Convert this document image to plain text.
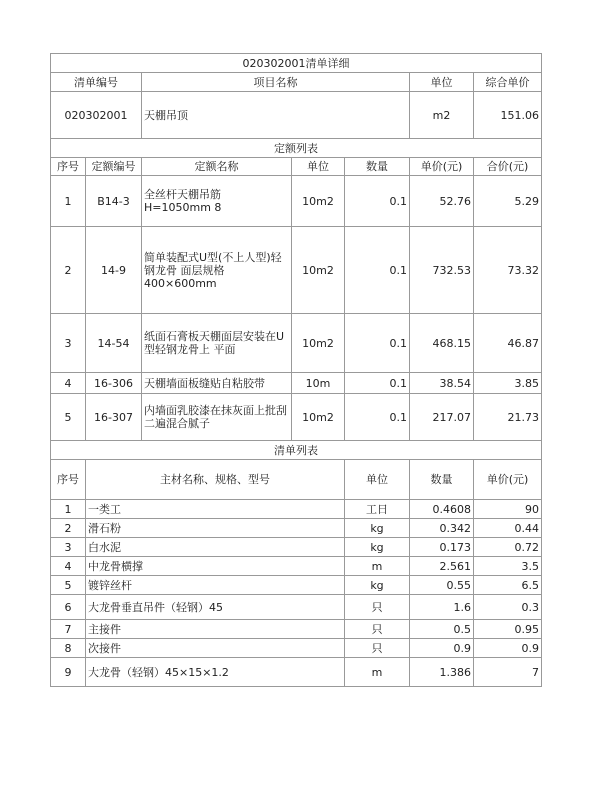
020302001清单详细							
清单编号		项目名称			单位	综合单价	
020302001		天棚吊顶			m2	151.06	
定额列表							
序号	定额编号	定额名称	单位	数量	单价(元)	合价(元)	
1	B14-3	全丝杆天棚吊筋 H=1050mm 8	10m2	0.1	52.76	5.29	
2	14-9	简单装配式U型(不上人型)轻钢龙骨 面层规格400×600mm	10m2	0.1	732.53	73.32	
3	14-54	纸面石膏板天棚面层安装在U型轻钢龙骨上 平面	10m2	0.1	468.15	46.87	
4	16-306	天棚墙面板缝贴自粘胶带	10m	0.1	38.54	3.85	
5	16-307	内墙面乳胶漆在抹灰面上批刮二遍混合腻子	10m2	0.1	217.07	21.73	
清单列表							
序号	主材名称、规格、型号			单位	数量	单价(元)	
1	一类工			工日	0.4608	90	
2	滑石粉			kg	0.342	0.44	
3	白水泥			kg	0.173	0.72	
4	中龙骨横撑			m	2.561	3.5	
5	镀锌丝杆			kg	0.55	6.5	
6	大龙骨垂直吊件（轻钢）45			只	1.6	0.3	
7	主接件			只	0.5	0.95	
8	次接件			只	0.9	0.9	
9	大龙骨（轻钢）45×15×1.2			m	1.386	7	
